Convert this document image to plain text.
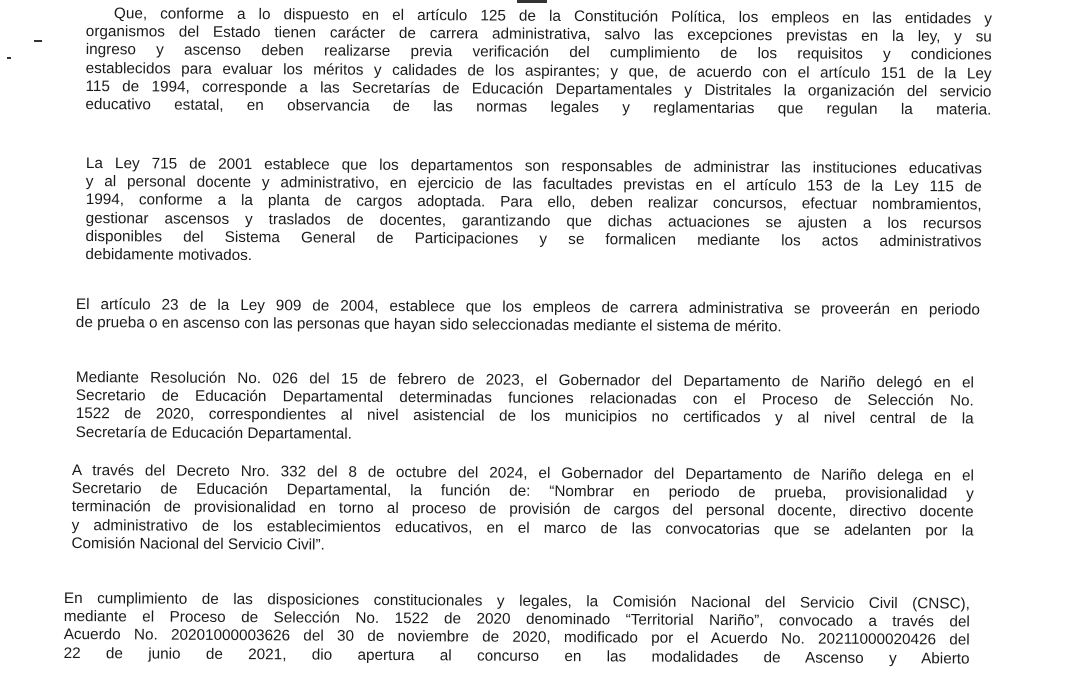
Que, conforme a lo dispuesto en el artículo 125 de la Constitución Política, los empleos en las entidades y
organismos del Estado tienen carácter de carrera administrativa, salvo las excepciones previstas en la ley, y su
ingreso y ascenso deben realizarse previa verificación del cumplimiento de los requisitos y condiciones
establecidos para evaluar los méritos y calidades de los aspirantes; y que, de acuerdo con el artículo 151 de la Ley
115 de 1994, corresponde a las Secretarías de Educación Departamentales y Distritales la organización del servicio
educativo estatal, en observancia de las normas legales y reglamentarias que regulan la materia.
La Ley 715 de 2001 establece que los departamentos son responsables de administrar las instituciones educativas
y al personal docente y administrativo, en ejercicio de las facultades previstas en el artículo 153 de la Ley 115 de
1994, conforme a la planta de cargos adoptada. Para ello, deben realizar concursos, efectuar nombramientos,
gestionar ascensos y traslados de docentes, garantizando que dichas actuaciones se ajusten a los recursos
disponibles del Sistema General de Participaciones y se formalicen mediante los actos administrativos
debidamente motivados.
El artículo 23 de la Ley 909 de 2004, establece que los empleos de carrera administrativa se proveerán en periodo
de prueba o en ascenso con las personas que hayan sido seleccionadas mediante el sistema de mérito.
Mediante Resolución No. 026 del 15 de febrero de 2023, el Gobernador del Departamento de Nariño delegó en el
Secretario de Educación Departamental determinadas funciones relacionadas con el Proceso de Selección No.
1522 de 2020, correspondientes al nivel asistencial de los municipios no certificados y al nivel central de la
Secretaría de Educación Departamental.
A través del Decreto Nro. 332 del 8 de octubre del 2024, el Gobernador del Departamento de Nariño delega en el
Secretario de Educación Departamental, la función de: “Nombrar en periodo de prueba, provisionalidad y
terminación de provisionalidad en torno al proceso de provisión de cargos del personal docente, directivo docente
y administrativo de los establecimientos educativos, en el marco de las convocatorias que se adelanten por la
Comisión Nacional del Servicio Civil”.
En cumplimiento de las disposiciones constitucionales y legales, la Comisión Nacional del Servicio Civil (CNSC),
mediante el Proceso de Selección No. 1522 de 2020 denominado “Territorial Nariño”, convocado a través del
Acuerdo No. 20201000003626 del 30 de noviembre de 2020, modificado por el Acuerdo No. 20211000020426 del
22 de junio de 2021, dio apertura al concurso en las modalidades de Ascenso y Abierto
